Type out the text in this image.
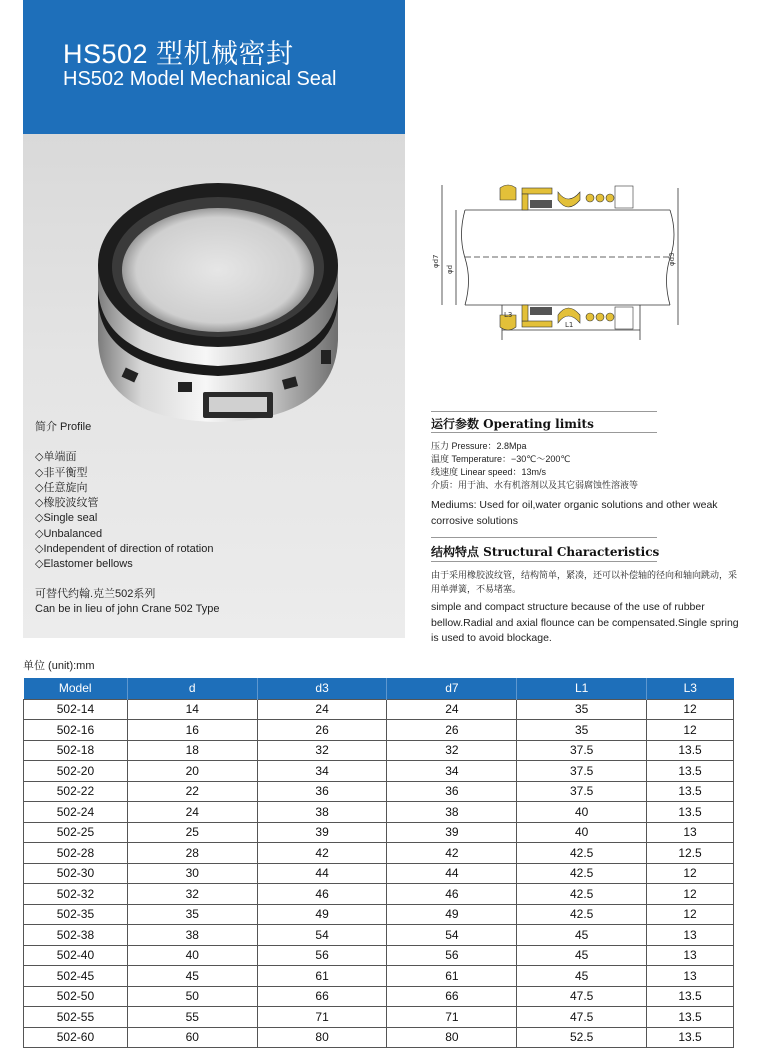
HS502 型机械密封
HS502 Model Mechanical Seal
简介 Profile
◇单端面
◇非平衡型
◇任意旋向
◇橡胶波纹管
◇Single seal
◇Unbalanced
◇Independent of direction of rotation
◇Elastomer bellows
可替代约翰.克兰502系列
Can be in lieu of john Crane 502 Type
φd7
φd
φd3
L3
L1
运行参数 Operating limits
压力 Pressure：2.8Mpa
温度 Temperature：−30℃～200℃
线速度 Linear speed：13m/s
介质：用于油、水有机溶剂以及其它弱腐蚀性溶液等
Mediums: Used for oil,water organic solutions and other weak corrosive solutions
结构特点 Structural Characteristics
由于采用橡胶波纹管，结构简单，紧凑，还可以补偿轴的径向和轴向跳动，采用单弹簧，不易堵塞。
simple and compact structure because of the use of rubber bellow.Radial and axial flounce can be compensated.Single spring is used to avoid blockage.
单位 (unit):mm
Model	d	d3	d7	L1	L3
502-14	14	24	24	35	12
502-16	16	26	26	35	12
502-18	18	32	32	37.5	13.5
502-20	20	34	34	37.5	13.5
502-22	22	36	36	37.5	13.5
502-24	24	38	38	40	13.5
502-25	25	39	39	40	13
502-28	28	42	42	42.5	12.5
502-30	30	44	44	42.5	12
502-32	32	46	46	42.5	12
502-35	35	49	49	42.5	12
502-38	38	54	54	45	13
502-40	40	56	56	45	13
502-45	45	61	61	45	13
502-50	50	66	66	47.5	13.5
502-55	55	71	71	47.5	13.5
502-60	60	80	80	52.5	13.5
